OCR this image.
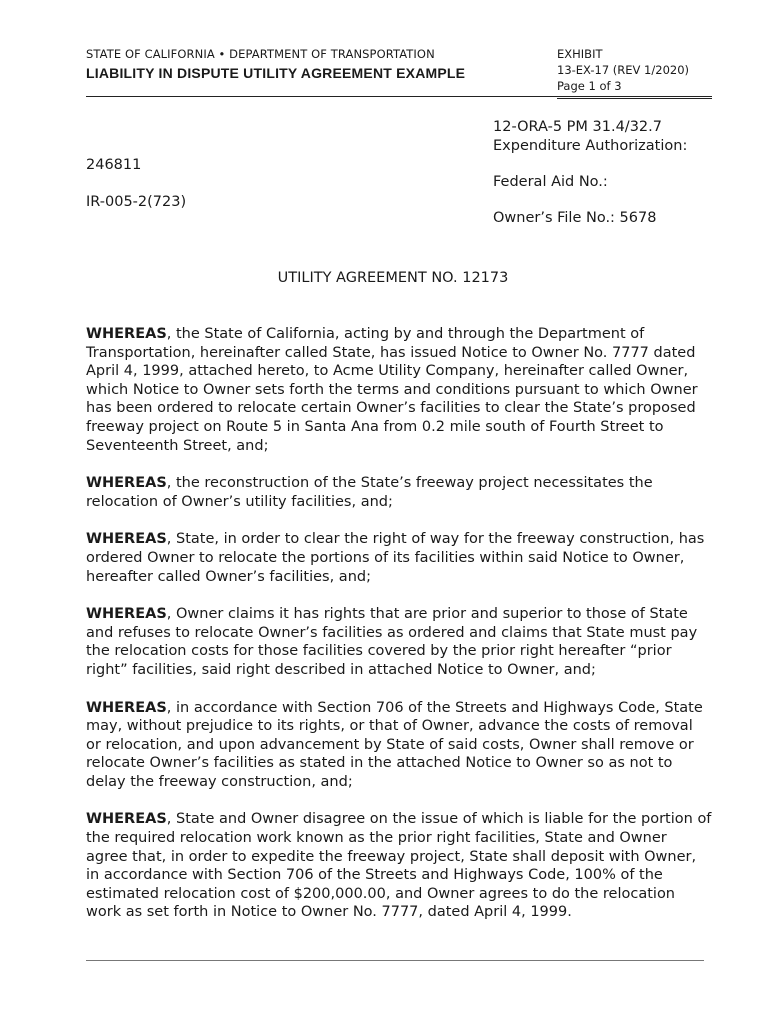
STATE OF CALIFORNIA • DEPARTMENT OF TRANSPORTATION
LIABILITY IN DISPUTE UTILITY AGREEMENT EXAMPLE
EXHIBIT
13-EX-17 (REV 1/2020)
Page 1 of 3
12-ORA-5 PM 31.4/32.7
Expenditure Authorization:
Federal Aid No.:
Owner’s File No.: 5678
246811
IR-005-2(723)
UTILITY AGREEMENT NO. 12173

WHEREAS, the State of California, acting by and through the Department of Transportation, hereinafter called State, has issued Notice to Owner No. 7777 dated April 4, 1999, attached hereto, to Acme Utility Company, hereinafter called Owner, which Notice to Owner sets forth the terms and conditions pursuant to which Owner has been ordered to relocate certain Owner’s facilities to clear the State’s proposed freeway project on Route 5 in Santa Ana from 0.2 mile south of Fourth Street to Seventeenth Street, and;

WHEREAS, the reconstruction of the State’s freeway project necessitates the relocation of Owner’s utility facilities, and;

WHEREAS, State, in order to clear the right of way for the freeway construction, has ordered Owner to relocate the portions of its facilities within said Notice to Owner, hereafter called Owner’s facilities, and;

WHEREAS, Owner claims it has rights that are prior and superior to those of State and refuses to relocate Owner’s facilities as ordered and claims that State must pay the relocation costs for those facilities covered by the prior right hereafter “prior right” facilities, said right described in attached Notice to Owner, and;

WHEREAS, in accordance with Section 706 of the Streets and Highways Code, State may, without prejudice to its rights, or that of Owner, advance the costs of removal or relocation, and upon advancement by State of said costs, Owner shall remove or relocate Owner’s facilities as stated in the attached Notice to Owner so as not to delay the freeway construction, and;

WHEREAS, State and Owner disagree on the issue of which is liable for the portion of the required relocation work known as the prior right facilities, State and Owner agree that, in order to expedite the freeway project, State shall deposit with Owner, in accordance with Section 706 of the Streets and Highways Code, 100% of the estimated relocation cost of $200,000.00, and Owner agrees to do the relocation work as set forth in Notice to Owner No. 7777, dated April 4, 1999.
